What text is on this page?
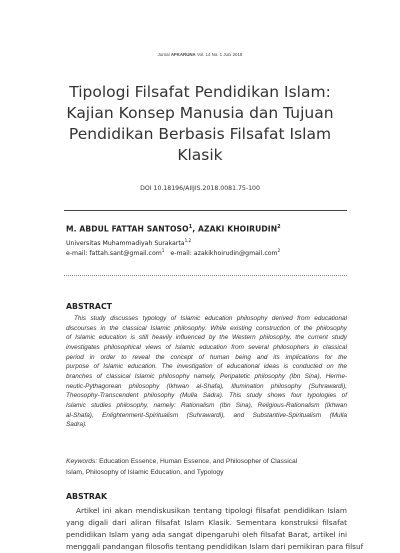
Jurnal AFKARUNA Vol. 14 No. 1 Juni 2018
Tipologi Filsafat Pendidikan Islam:
Kajian Konsep Manusia dan Tujuan
Pendidikan Berbasis Filsafat Islam
Klasik
DOI 10.18196/AIIJIS.2018.0081.75-100
M. ABDUL FATTAH SANTOSO$^1$, AZAKI KHOIRUDIN$^2$
Universitas Muhammadiyah Surakarta$^{1,2}$
e-mail: fattah.sant@gmail.com$^1$ e-mail: azakikhoirudin@gmail.com$^2$
ABSTRACT
This study discusses typology of Islamic education philosophy derived from educational
discourses in the classical Islamic philosophy. While existing construction of the philosophy
of Islamic education is still heavily influenced by the Western philosophy, the current study
investigates philosophical views of Islamic education from several philosophers in classical
period in order to reveal the concept of human being and its implications for the
purpose of Islamic education. The investigation of educational ideas is conducted on the
branches of classical Islamic philosophy namely, Peripatetic philosophy (Ibn Sina), Herme-
neutic-Pythagorean philosophy (Ikhwan al-Shafa), Illumination philosophy (Suhrawardi),
Theosophy-Transcendent philosophy (Mulla Sadra). This study shows four typologies of
Islamic studies philosophy, namely: Rationalism (Ibn Sina), Religious-Rationalism (Ikhwan
al-Shafa), Enlightenment-Spiritualism (Suhrawardi), and Substantive-Spiritualism (Mulla
Sadra).
Keywords: Education Essence, Human Essence, and Philosopher of Classical
Islam, Philosophy of Islamic Education, and Typology
ABSTRAK
Artikel ini akan mendiskusikan tentang tipologi filsafat pendidikan Islam
yang digali dari aliran filsafat Islam Klasik. Sementara konstruksi filsafat
pendidikan Islam yang ada sangat dipengaruhi oleh filsafat Barat, artikel ini
menggali pandangan filosofis tentang pendidikan Islam dari pemikiran para filsuf
